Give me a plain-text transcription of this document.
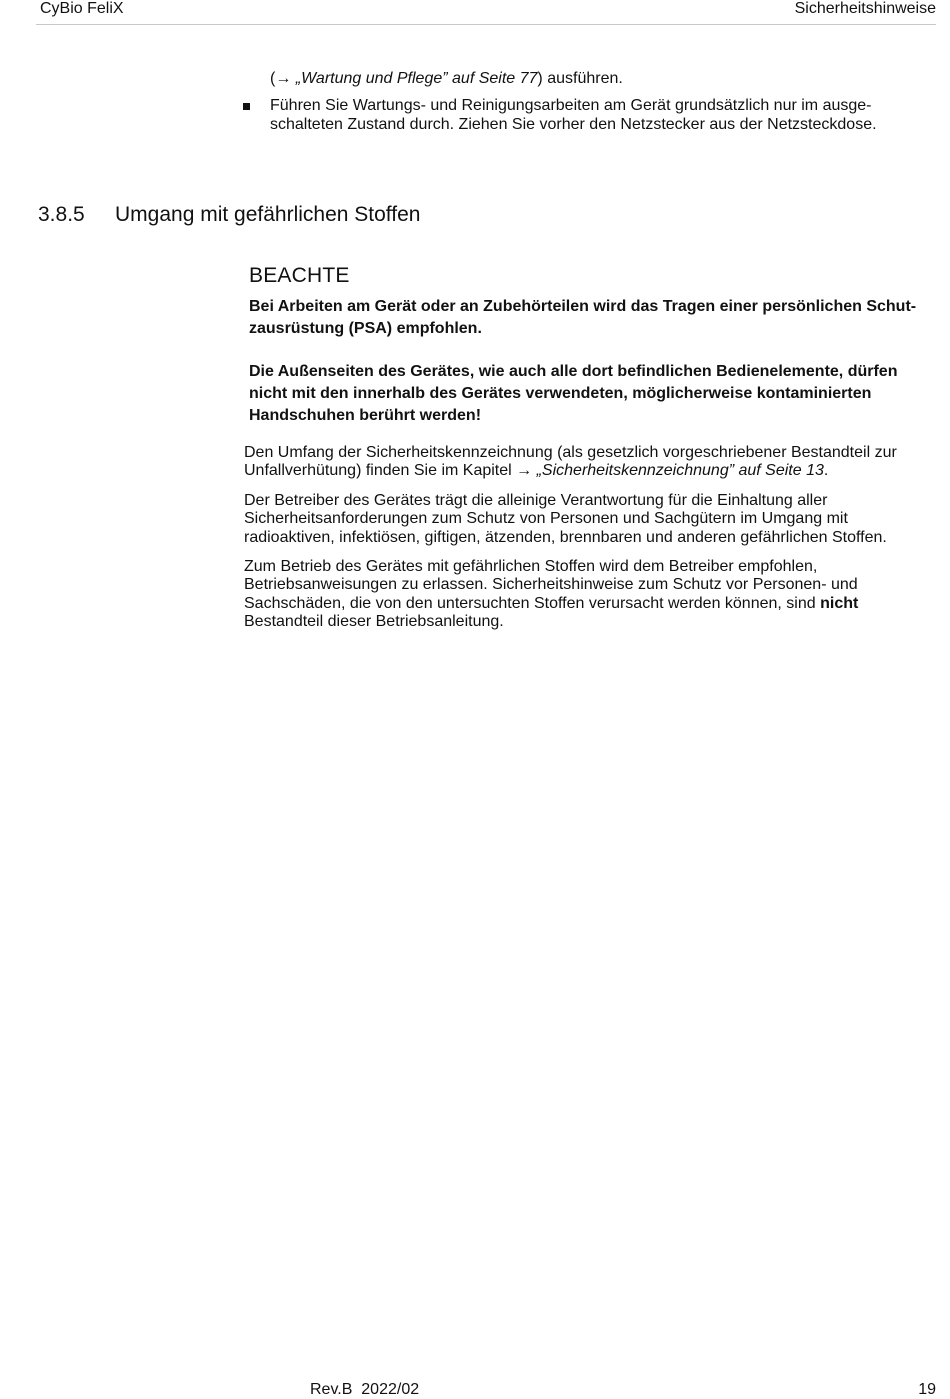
CyBio FeliX	Sicherheitshinweise
(→ „Wartung und Pflege” auf Seite 77) ausführen.
Führen Sie Wartungs- und Reinigungsarbeiten am Gerät grundsätzlich nur im ausgeschalteten Zustand durch. Ziehen Sie vorher den Netzstecker aus der Netzsteckdose.
3.8.5 Umgang mit gefährlichen Stoffen
BEACHTE

Bei Arbeiten am Gerät oder an Zubehörteilen wird das Tragen einer persönlichen Schutzausrüstung (PSA) empfohlen.

Die Außenseiten des Gerätes, wie auch alle dort befindlichen Bedienelemente, dürfen nicht mit den innerhalb des Gerätes verwendeten, möglicherweise kontaminierten Handschuhen berührt werden!

Den Umfang der Sicherheitskennzeichnung (als gesetzlich vorgeschriebener Bestandteil zur Unfallverhütung) finden Sie im Kapitel → „Sicherheitskennzeichnung” auf Seite 13.

Der Betreiber des Gerätes trägt die alleinige Verantwortung für die Einhaltung aller Sicherheitsanforderungen zum Schutz von Personen und Sachgütern im Umgang mit radioaktiven, infektiösen, giftigen, ätzenden, brennbaren und anderen gefährlichen Stoffen.

Zum Betrieb des Gerätes mit gefährlichen Stoffen wird dem Betreiber empfohlen, Betriebsanweisungen zu erlassen. Sicherheitshinweise zum Schutz vor Personen- und Sachschäden, die von den untersuchten Stoffen verursacht werden können, sind nicht Bestandteil dieser Betriebsanleitung.

Rev.B  2022/02	19
